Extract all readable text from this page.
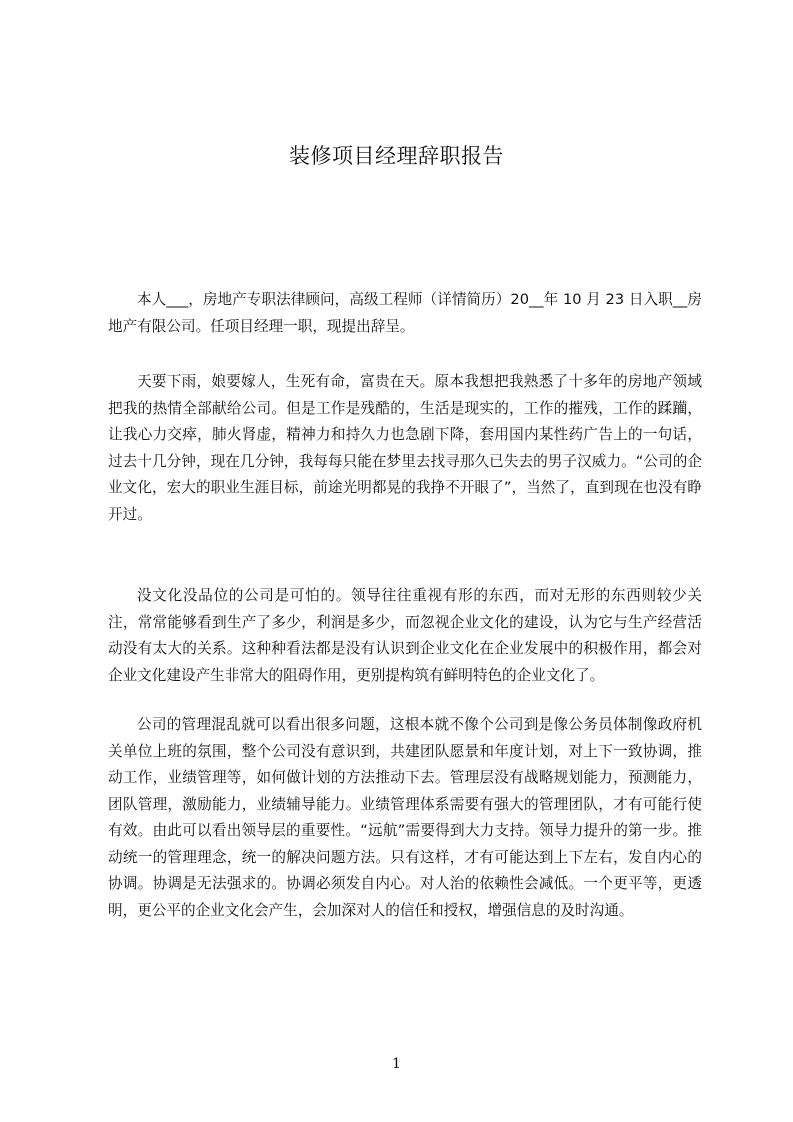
装修项目经理辞职报告

本人___，房地产专职法律顾问，高级工程师（详情简历）20__年 10 月 23 日入职__房地产有限公司。任项目经理一职，现提出辞呈。

天要下雨，娘要嫁人，生死有命，富贵在天。原本我想把我熟悉了十多年的房地产领域把我的热情全部献给公司。但是工作是残酷的，生活是现实的，工作的摧残，工作的蹂躏，让我心力交瘁，肺火肾虚，精神力和持久力也急剧下降，套用国内某性药广告上的一句话，过去十几分钟，现在几分钟，我每每只能在梦里去找寻那久已失去的男子汉威力。“公司的企业文化，宏大的职业生涯目标，前途光明都晃的我挣不开眼了”，当然了，直到现在也没有睁开过。

没文化没品位的公司是可怕的。领导往往重视有形的东西，而对无形的东西则较少关注，常常能够看到生产了多少，利润是多少，而忽视企业文化的建设，认为它与生产经营活动没有太大的关系。这种种看法都是没有认识到企业文化在企业发展中的积极作用，都会对企业文化建设产生非常大的阻碍作用，更别提构筑有鲜明特色的企业文化了。

公司的管理混乱就可以看出很多问题，这根本就不像个公司到是像公务员体制像政府机关单位上班的氛围，整个公司没有意识到，共建团队愿景和年度计划，对上下一致协调，推动工作，业绩管理等，如何做计划的方法推动下去。管理层没有战略规划能力，预测能力，团队管理，激励能力，业绩辅导能力。业绩管理体系需要有强大的管理团队，才有可能行使有效。由此可以看出领导层的重要性。“远航”需要得到大力支持。领导力提升的第一步。推动统一的管理理念，统一的解决问题方法。只有这样，才有可能达到上下左右，发自内心的协调。协调是无法强求的。协调必须发自内心。对人治的依赖性会减低。一个更平等，更透明，更公平的企业文化会产生，会加深对人的信任和授权，增强信息的及时沟通。

1
